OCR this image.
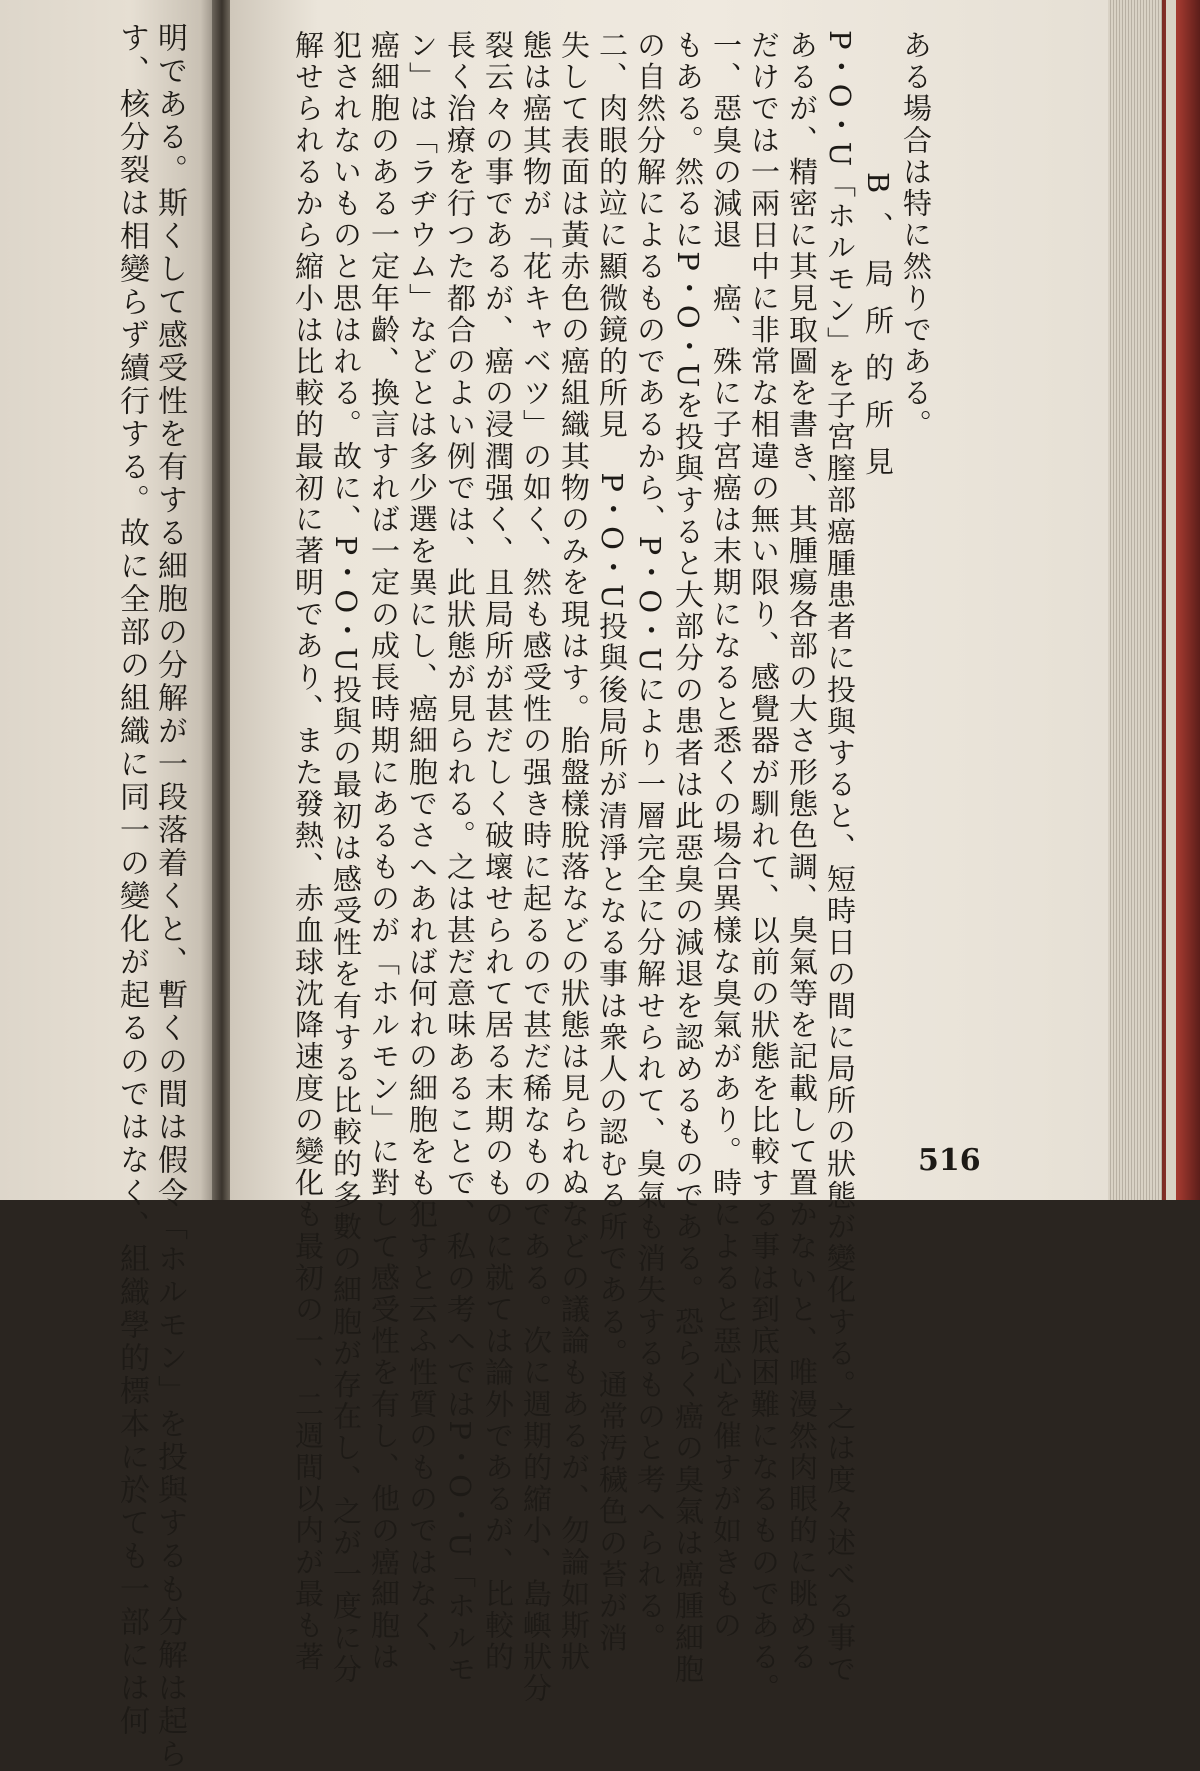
明である。斯くして感受性を有する細胞の分解が一段落着くと、暫くの間は假令「ホルモン」を投與するも分解は起ら

す、核分裂は相變らず續行する。故に全部の組織に同一の變化が起るのではなく、組織學的標本に於ても一部には何	ある場合は特に然りである。

B、局所的所見

P・O・U「ホルモン」を子宮膣部癌腫患者に投與すると、短時日の間に局所の狀態が變化する。之は度々述べる事で

あるが、精密に其見取圖を書き、其腫瘍各部の大さ形態色調、臭氣等を記載して置かないと、唯漫然肉眼的に眺める

だけでは一兩日中に非常な相違の無い限り、感覺器が馴れて、以前の狀態を比較する事は到底困難になるものである。

一、惡臭の減退　癌、殊に子宮癌は末期になると悉くの場合異樣な臭氣があり。時によると惡心を催すが如きもの

もある。然るにP・O・Uを投與すると大部分の患者は此惡臭の減退を認めるものである。恐らく癌の臭氣は癌腫細胞

の自然分解によるものであるから、P・O・Uにより一層完全に分解せられて、臭氣も消失するものと考へられる。

二、肉眼的竝に顯微鏡的所見　P・O・U投與後局所が清淨となる事は衆人の認むる所である。通常汚穢色の苔が消

失して表面は黃赤色の癌組織其物のみを現はす。胎盤樣脫落などの狀態は見られぬなどの議論もあるが、勿論如斯狀

態は癌其物が「花キャベツ」の如く、然も感受性の强き時に起るので甚だ稀なものである。次に週期的縮小、島嶼狀分

裂云々の事であるが、癌の浸潤强く、且局所が甚だしく破壞せられて居る末期のものに就ては論外であるが、比較的

長く治療を行つた都合のよい例では、此狀態が見られる。之は甚だ意味あることで、私の考へではP・O・U「ホルモ

ン」は「ラヂウム」などとは多少選を異にし、癌細胞でさへあれば何れの細胞をも犯すと云ふ性質のものではなく、

癌細胞のある一定年齡、換言すれば一定の成長時期にあるものが「ホルモン」に對して感受性を有し、他の癌細胞は

犯されないものと思はれる。故に、P・O・U投與の最初は感受性を有する比較的多數の細胞が存在し、之が一度に分

解せられるから縮小は比較的最初に著明であり、また發熱、赤血球沈降速度の變化も最初の一、二週間以内が最も著	516
